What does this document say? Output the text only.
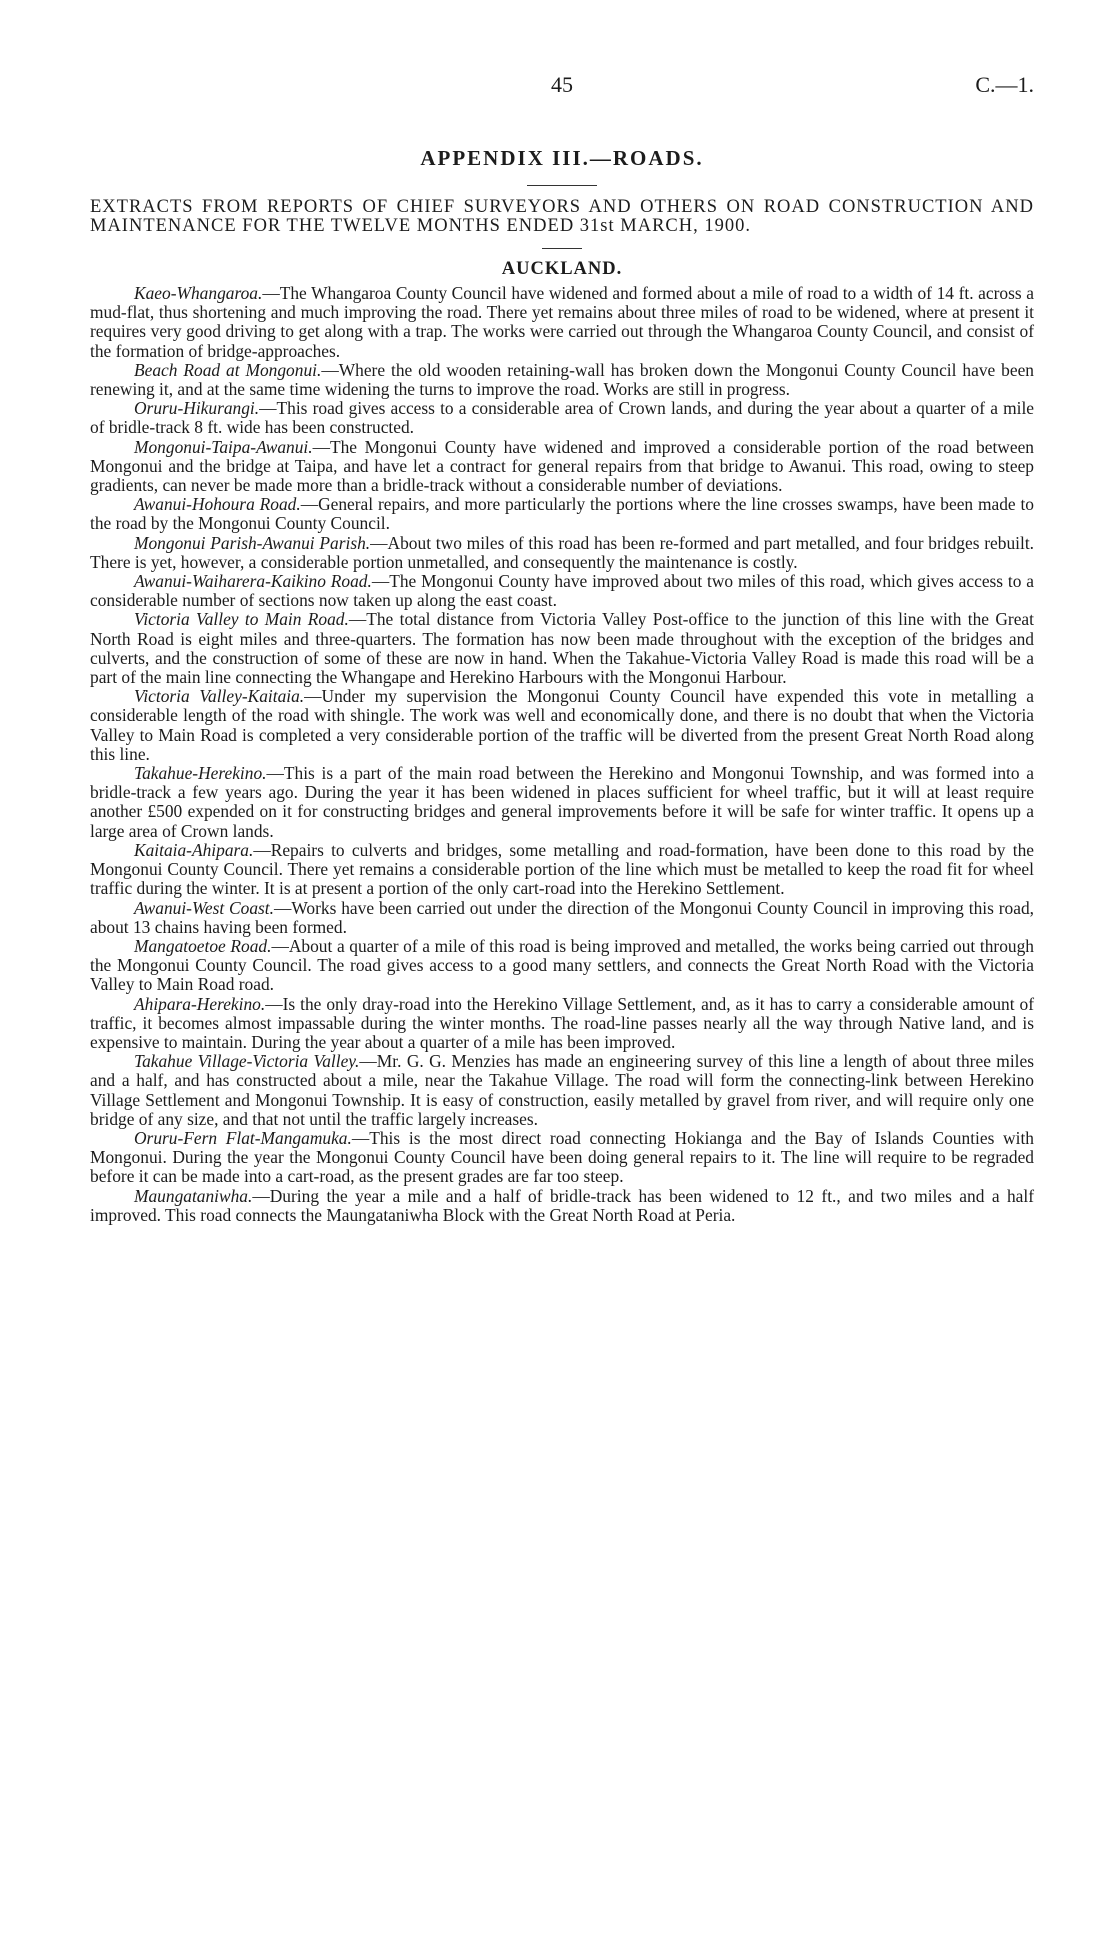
45	C.—1.
APPENDIX III.—ROADS.

EXTRACTS FROM REPORTS OF CHIEF SURVEYORS AND OTHERS ON ROAD CONSTRUCTION AND MAINTENANCE FOR THE TWELVE MONTHS ENDED 31st MARCH, 1900.

AUCKLAND.

Kaeo-Whangaroa.—The Whangaroa County Council have widened and formed about a mile of road to a width of 14 ft. across a mud-flat, thus shortening and much improving the road. There yet remains about three miles of road to be widened, where at present it requires very good driving to get along with a trap. The works were carried out through the Whangaroa County Council, and consist of the formation of bridge-approaches.

Beach Road at Mongonui.—Where the old wooden retaining-wall has broken down the Mongonui County Council have been renewing it, and at the same time widening the turns to improve the road. Works are still in progress.

Oruru-Hikurangi.—This road gives access to a considerable area of Crown lands, and during the year about a quarter of a mile of bridle-track 8 ft. wide has been constructed.

Mongonui-Taipa-Awanui.—The Mongonui County have widened and improved a considerable portion of the road between Mongonui and the bridge at Taipa, and have let a contract for general repairs from that bridge to Awanui. This road, owing to steep gradients, can never be made more than a bridle-track without a considerable number of deviations.

Awanui-Hohoura Road.—General repairs, and more particularly the portions where the line crosses swamps, have been made to the road by the Mongonui County Council.

Mongonui Parish-Awanui Parish.—About two miles of this road has been re-formed and part metalled, and four bridges rebuilt. There is yet, however, a considerable portion unmetalled, and consequently the maintenance is costly.

Awanui-Waiharera-Kaikino Road.—The Mongonui County have improved about two miles of this road, which gives access to a considerable number of sections now taken up along the east coast.

Victoria Valley to Main Road.—The total distance from Victoria Valley Post-office to the junction of this line with the Great North Road is eight miles and three-quarters. The formation has now been made throughout with the exception of the bridges and culverts, and the construction of some of these are now in hand. When the Takahue-Victoria Valley Road is made this road will be a part of the main line connecting the Whangape and Herekino Harbours with the Mongonui Harbour.

Victoria Valley-Kaitaia.—Under my supervision the Mongonui County Council have expended this vote in metalling a considerable length of the road with shingle. The work was well and economically done, and there is no doubt that when the Victoria Valley to Main Road is completed a very considerable portion of the traffic will be diverted from the present Great North Road along this line.

Takahue-Herekino.—This is a part of the main road between the Herekino and Mongonui Township, and was formed into a bridle-track a few years ago. During the year it has been widened in places sufficient for wheel traffic, but it will at least require another £500 expended on it for constructing bridges and general improvements before it will be safe for winter traffic. It opens up a large area of Crown lands.

Kaitaia-Ahipara.—Repairs to culverts and bridges, some metalling and road-formation, have been done to this road by the Mongonui County Council. There yet remains a considerable portion of the line which must be metalled to keep the road fit for wheel traffic during the winter. It is at present a portion of the only cart-road into the Herekino Settlement.

Awanui-West Coast.—Works have been carried out under the direction of the Mongonui County Council in improving this road, about 13 chains having been formed.

Mangatoetoe Road.—About a quarter of a mile of this road is being improved and metalled, the works being carried out through the Mongonui County Council. The road gives access to a good many settlers, and connects the Great North Road with the Victoria Valley to Main Road road.

Ahipara-Herekino.—Is the only dray-road into the Herekino Village Settlement, and, as it has to carry a considerable amount of traffic, it becomes almost impassable during the winter months. The road-line passes nearly all the way through Native land, and is expensive to maintain. During the year about a quarter of a mile has been improved.

Takahue Village-Victoria Valley.—Mr. G. G. Menzies has made an engineering survey of this line a length of about three miles and a half, and has constructed about a mile, near the Takahue Village. The road will form the connecting-link between Herekino Village Settlement and Mongonui Township. It is easy of construction, easily metalled by gravel from river, and will require only one bridge of any size, and that not until the traffic largely increases.

Oruru-Fern Flat-Mangamuka.—This is the most direct road connecting Hokianga and the Bay of Islands Counties with Mongonui. During the year the Mongonui County Council have been doing general repairs to it. The line will require to be regraded before it can be made into a cart-road, as the present grades are far too steep.

Maungataniwha.—During the year a mile and a half of bridle-track has been widened to 12 ft., and two miles and a half improved. This road connects the Maungataniwha Block with the Great North Road at Peria.
